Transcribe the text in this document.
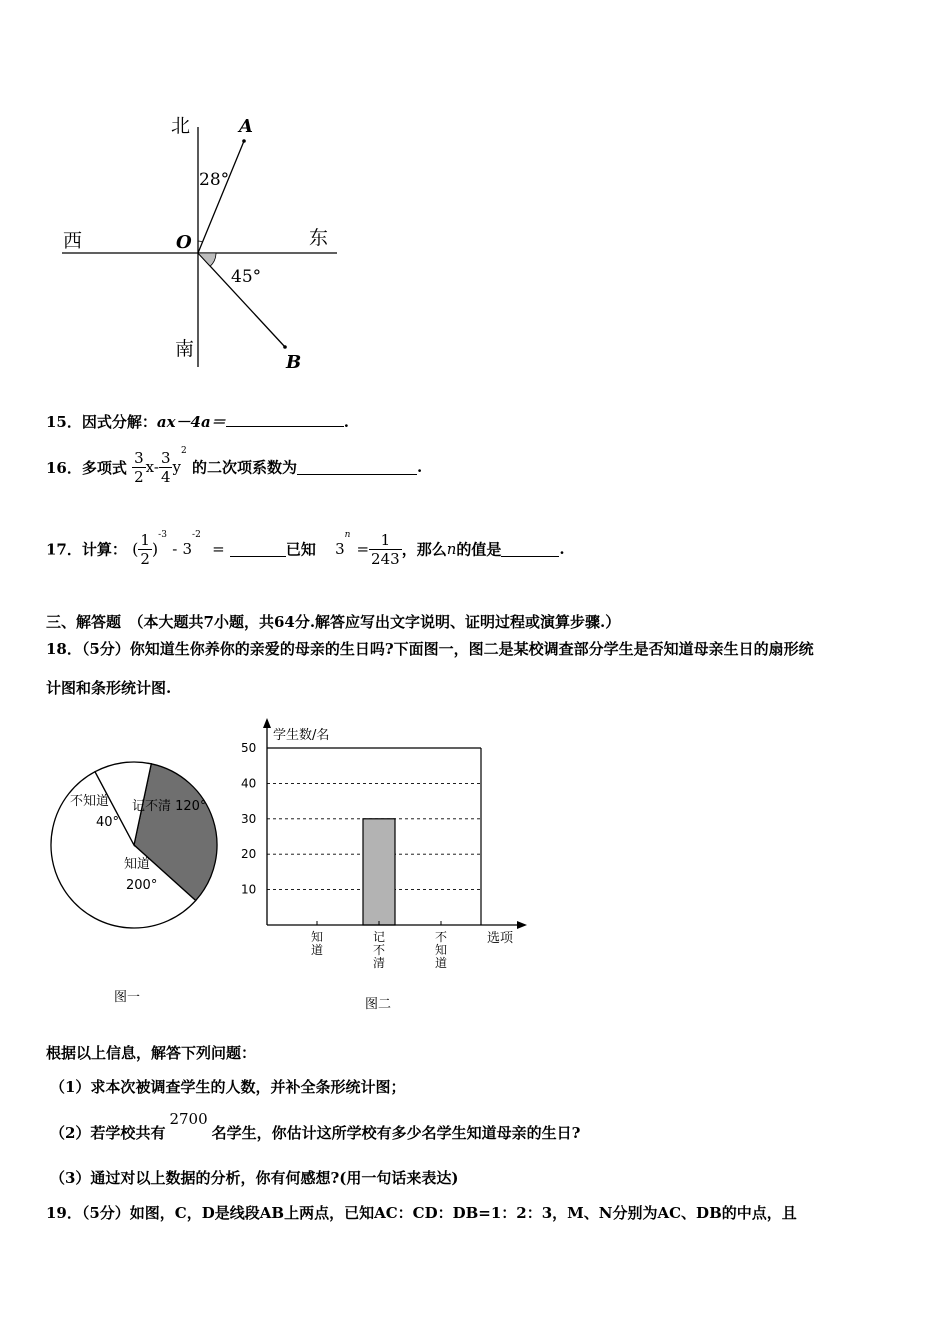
北
西	东
南
O
A
B
28°
45°
15．因式分解：ax－4a＝	.
16．多项式 $\frac{3}{2} x- \frac{3}{4} y^2$ 的二次项系数为	.
17．计算： ( $\frac{1}{2} )^{-3} - 3^{-2}$ =	已知 $3^n= \frac{1}{243}$ ，那么n的值是	.
三、解答题　（本大题共7小题，共64分.解答应写出文字说明、证明过程或演算步骤.）
18．（5分）你知道生你养你的亲爱的母亲的生日吗?下面图一，图二是某校调查部分学生是否知道母亲生日的扇形统
计图和条形统计图.
记不清 120°
不知道
40°
知道
200°
图一
10
20
30
40
50
知
道
记
不
清
不
知
道
学生数/名
选项
图二
根据以上信息，解答下列问题：
（1）求本次被调查学生的人数，并补全条形统计图；
（2）若学校共有2700名学生，你估计这所学校有多少名学生知道母亲的生日?
（3）通过对以上数据的分析，你有何感想?(用一句话来表达)
19．（5分）如图，C，D是线段AB上两点，已知AC：CD：DB=1：2：3，M、N分别为AC、DB的中点，且
